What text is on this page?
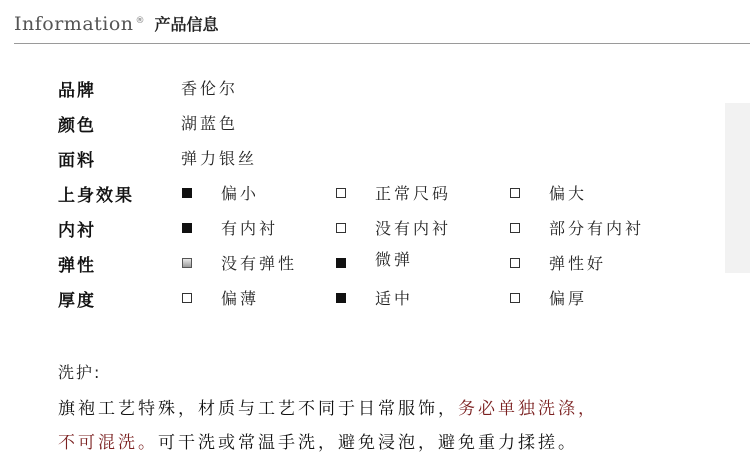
Information ® 产品信息
品牌	香伦尔
颜色	湖蓝色
面料	弹力银丝
上身效果	偏小	正常尺码	偏大
内衬	有内衬	没有内衬	部分有内衬
弹性	没有弹性	微弹	弹性好
厚度	偏薄	适中	偏厚
洗护:
旗袍工艺特殊，材质与工艺不同于日常服饰，务必单独洗涤，
不可混洗。可干洗或常温手洗，避免浸泡，避免重力揉搓。
